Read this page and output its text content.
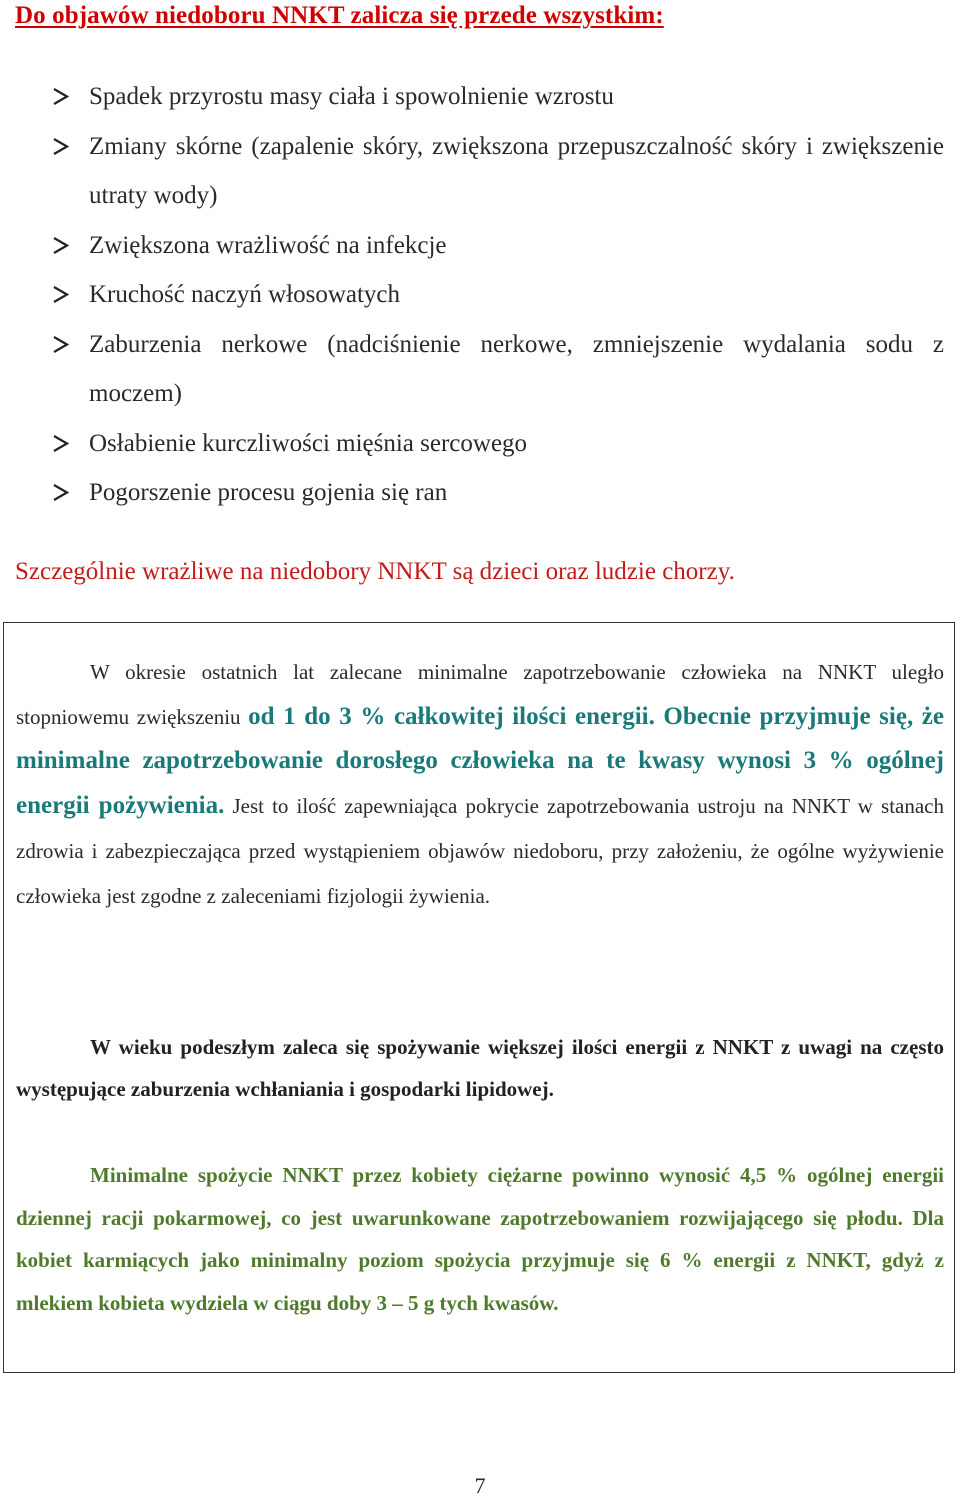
Do objawów niedoboru NNKT zalicza się przede wszystkim:
Spadek przyrostu masy ciała i spowolnienie wzrostu
Zmiany skórne (zapalenie skóry, zwiększona przepuszczalność skóry i zwiększenie utraty wody)
Zwiększona wrażliwość na infekcje
Kruchość naczyń włosowatych
Zaburzenia nerkowe (nadciśnienie nerkowe, zmniejszenie wydalania sodu z moczem)
Osłabienie kurczliwości mięśnia sercowego
Pogorszenie procesu gojenia się ran
Szczególnie wrażliwe na niedobory NNKT są dzieci oraz ludzie chorzy.

W okresie ostatnich lat zalecane minimalne zapotrzebowanie człowieka na NNKT uległo stopniowemu zwiększeniu od 1 do 3 % całkowitej ilości energii. Obecnie przyjmuje się, że minimalne zapotrzebowanie dorosłego człowieka na te kwasy wynosi 3 % ogólnej energii pożywienia. Jest to ilość zapewniająca pokrycie zapotrzebowania ustroju na NNKT w stanach zdrowia i zabezpieczająca przed wystąpieniem objawów niedoboru, przy założeniu, że ogólne wyżywienie człowieka jest zgodne z zaleceniami fizjologii żywienia.

W wieku podeszłym zaleca się spożywanie większej ilości energii z NNKT z uwagi na często występujące zaburzenia wchłaniania i gospodarki lipidowej.

Minimalne spożycie NNKT przez kobiety ciężarne powinno wynosić 4,5 % ogólnej energii dziennej racji pokarmowej, co jest uwarunkowane zapotrzebowaniem rozwijającego się płodu. Dla kobiet karmiących jako minimalny poziom spożycia przyjmuje się 6 % energii z NNKT, gdyż z mlekiem kobieta wydziela w ciągu doby 3 – 5 g tych kwasów.

7
